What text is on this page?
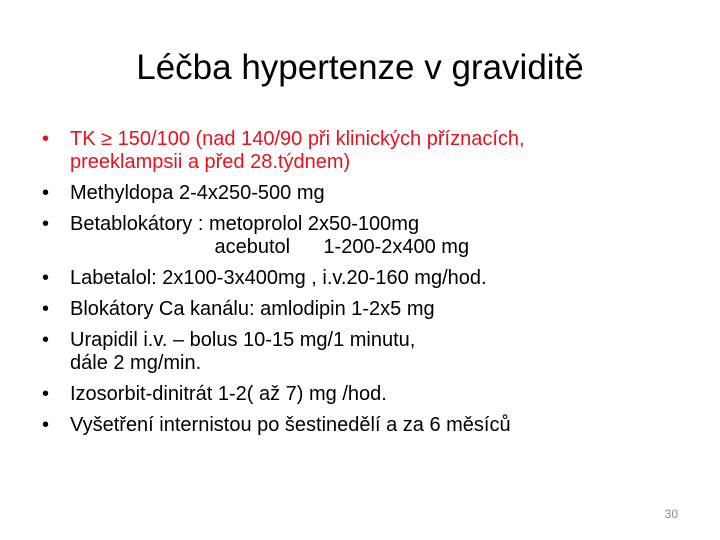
Léčba hypertenze v graviditě
•	TK ≥ 150/100 (nad 140/90 při klinických příznacích,
preeklampsii a před 28.týdnem)
•	Methyldopa 2-4x250-500 mg
•	Betablokátory : metoprolol 2x50-100mg
acebutol      1-200-2x400 mg
•	Labetalol: 2x100-3x400mg , i.v.20-160 mg/hod.
•	Blokátory Ca kanálu: amlodipin 1-2x5 mg
•	Urapidil i.v. – bolus 10-15 mg/1 minutu,
dále 2 mg/min.
•	Izosorbit-dinitrát 1-2( až 7) mg /hod.
•	Vyšetření internistou po šestinedělí a za 6 měsíců
30
